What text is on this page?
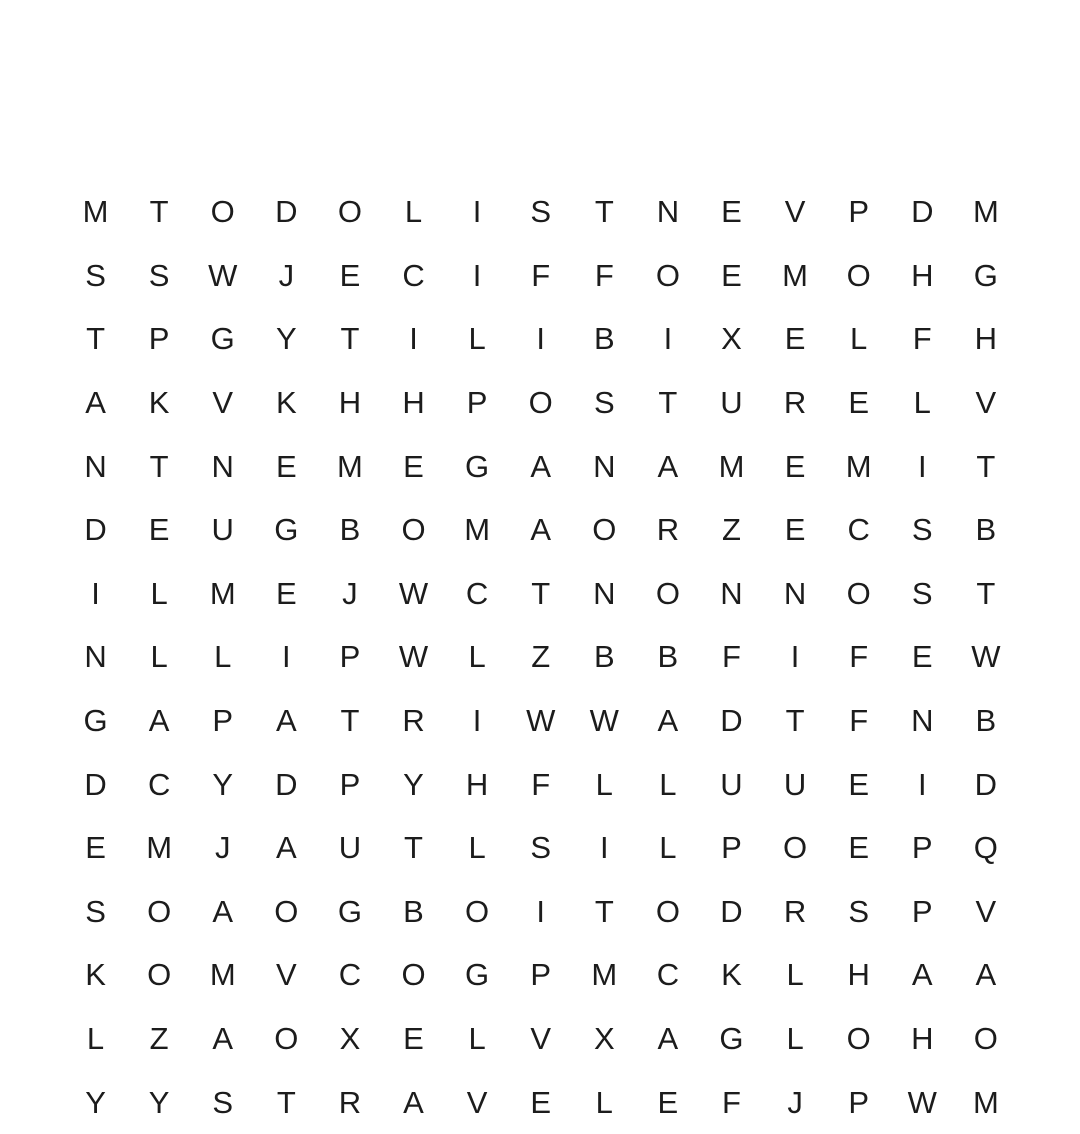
M	T	O	D	O	L	I	S	T	N	E	V	P	D	M
S	S	W	J	E	C	I	F	F	O	E	M	O	H	G
T	P	G	Y	T	I	L	I	B	I	X	E	L	F	H
A	K	V	K	H	H	P	O	S	T	U	R	E	L	V
N	T	N	E	M	E	G	A	N	A	M	E	M	I	T
D	E	U	G	B	O	M	A	O	R	Z	E	C	S	B
I	L	M	E	J	W	C	T	N	O	N	N	O	S	T
N	L	L	I	P	W	L	Z	B	B	F	I	F	E	W
G	A	P	A	T	R	I	W	W	A	D	T	F	N	B
D	C	Y	D	P	Y	H	F	L	L	U	U	E	I	D
E	M	J	A	U	T	L	S	I	L	P	O	E	P	Q
S	O	A	O	G	B	O	I	T	O	D	R	S	P	V
K	O	M	V	C	O	G	P	M	C	K	L	H	A	A
L	Z	A	O	X	E	L	V	X	A	G	L	O	H	O
Y	Y	S	T	R	A	V	E	L	E	F	J	P	W	M
